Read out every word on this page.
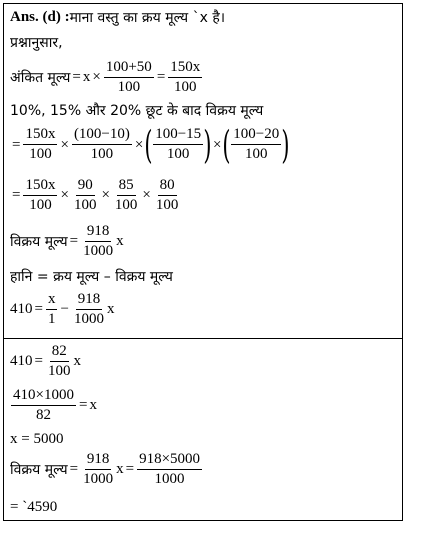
Ans. (d) : माना वस्तु का क्रय मूल्य `x है।
प्रश्नानुसार,
अंकित मूल्य = $x \times \frac{100+50}{100} = \frac{150x}{100}$
10%, 15% और 20% छूट के बाद विक्रय मूल्य
= $\frac{150x}{100} \times \frac{(100-10)}{100}$ × ( $\frac{100-15}{100}$ ) × ( $\frac{100-20}{100}$ )
= $\frac{150x}{100} \times \frac{90}{100} \times \frac{85}{100} \times \frac{80}{100}$
विक्रय मूल्य = $\frac{918}{1000}$ x
हानि = क्रय मूल्य – विक्रय मूल्य
$410 = \frac{x}{1} - \frac{918}{1000}$ x
$410 = \frac{82}{100}$ x
$\frac{410\times 1000}{82} = x$
x = 5000
विक्रय मूल्य = $\frac{918}{1000}$ $x = \frac{918\times 5000}{1000}$
= `4590
